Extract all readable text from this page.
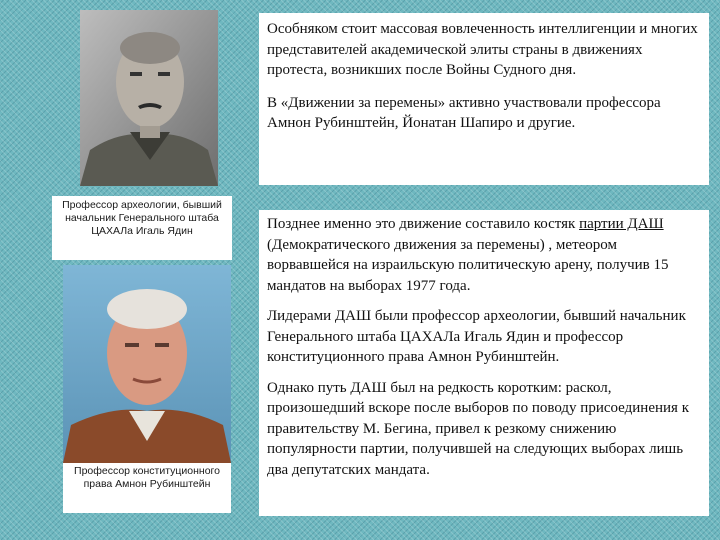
Профессор археологии, бывший начальник Генерального штаба ЦАХАЛа Игаль Ядин
Профессор конституционного права Амнон Рубинштейн

Особняком стоит массовая вовлеченность интеллигенции и многих представителей академической элиты страны в движениях протеста, возникших после Войны Судного дня.

В «Движении за перемены» активно участвовали профессора Амнон Рубинштейн, Йонатан Шапиро и другие.

Позднее именно это движение составило костяк партии ДАШ (Демократического движения за перемены) , метеором ворвавшейся на израильскую политическую арену, получив 15 мандатов на выборах 1977 года.

Лидерами ДАШ были профессор археологии, бывший начальник Генерального штаба ЦАХАЛа Игаль Ядин и профессор конституционного права Амнон Рубинштейн.

Однако путь ДАШ был на редкость коротким: раскол, произошедший вскоре после выборов по поводу присоединения к правительству М. Бегина, привел к резкому снижению популярности партии, получившей на следующих выборах лишь два депутатских мандата.
